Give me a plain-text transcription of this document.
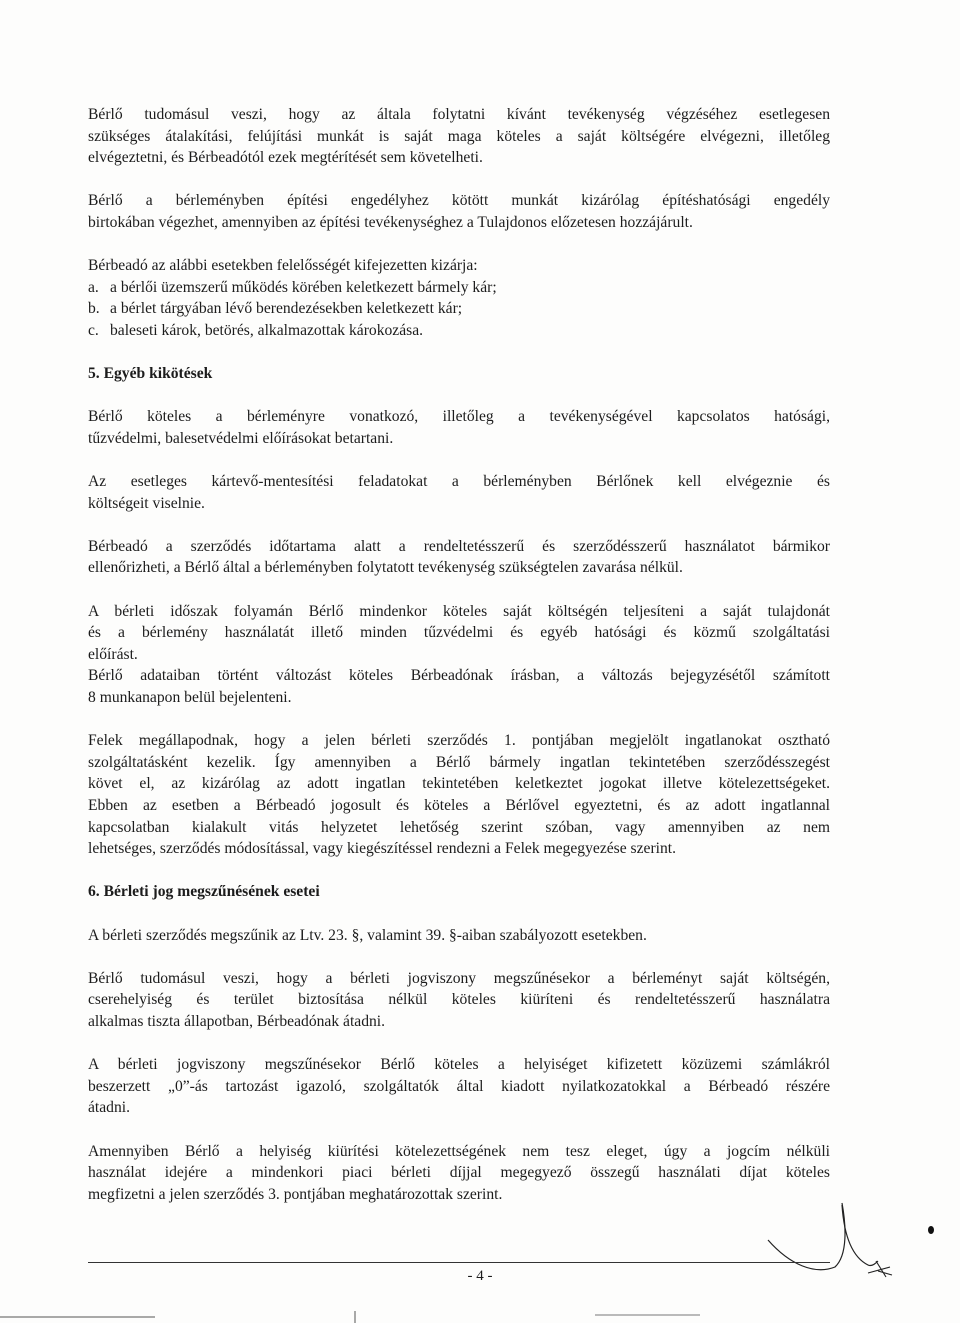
Bérlő tudomásul veszi, hogy az általa folytatni kívánt tevékenység végzéséhez esetlegesen
szükséges átalakítási, felújítási munkát is saját maga köteles a saját költségére elvégezni, illetőleg
elvégeztetni, és Bérbeadótól ezek megtérítését sem követelheti.

Bérlő a bérleményben építési engedélyhez kötött munkát kizárólag építéshatósági engedély
birtokában végezhet, amennyiben az építési tevékenységhez a Tulajdonos előzetesen hozzájárult.

Bérbeadó az alábbi esetekben felelősségét kifejezetten kizárja:
a. a bérlői üzemszerű működés körében keletkezett bármely kár;
b. a bérlet tárgyában lévő berendezésekben keletkezett kár;
c. baleseti károk, betörés, alkalmazottak károkozása.
5. Egyéb kikötések

Bérlő köteles a bérleményre vonatkozó, illetőleg a tevékenységével kapcsolatos hatósági,
tűzvédelmi, balesetvédelmi előírásokat betartani.

Az esetleges kártevő-mentesítési feladatokat a bérleményben Bérlőnek kell elvégeznie és
költségeit viselnie.

Bérbeadó a szerződés időtartama alatt a rendeltetésszerű és szerződésszerű használatot bármikor
ellenőrizheti, a Bérlő által a bérleményben folytatott tevékenység szükségtelen zavarása nélkül.

A bérleti időszak folyamán Bérlő mindenkor köteles saját költségén teljesíteni a saját tulajdonát
és a bérlemény használatát illető minden tűzvédelmi és egyéb hatósági és közmű szolgáltatási
előírást.

Bérlő adataiban történt változást köteles Bérbeadónak írásban, a változás bejegyzésétől számított
8 munkanapon belül bejelenteni.

Felek megállapodnak, hogy a jelen bérleti szerződés 1. pontjában megjelölt ingatlanokat osztható
szolgáltatásként kezelik. Így amennyiben a Bérlő bármely ingatlan tekintetében szerződésszegést
követ el, az kizárólag az adott ingatlan tekintetében keletkeztet jogokat illetve kötelezettségeket.
Ebben az esetben a Bérbeadó jogosult és köteles a Bérlővel egyeztetni, és az adott ingatlannal
kapcsolatban kialakult vitás helyzetet lehetőség szerint szóban, vagy amennyiben az nem
lehetséges, szerződés módosítással, vagy kiegészítéssel rendezni a Felek megegyezése szerint.

6. Bérleti jog megszűnésének esetei

A bérleti szerződés megszűnik az Ltv. 23. §, valamint 39. §-aiban szabályozott esetekben.

Bérlő tudomásul veszi, hogy a bérleti jogviszony megszűnésekor a bérleményt saját költségén,
cserehelyiség és terület biztosítása nélkül köteles kiüríteni és rendeltetésszerű használatra
alkalmas tiszta állapotban, Bérbeadónak átadni.

A bérleti jogviszony megszűnésekor Bérlő köteles a helyiséget kifizetett közüzemi számlákról
beszerzett „0”-ás tartozást igazoló, szolgáltatók által kiadott nyilatkozatokkal a Bérbeadó részére
átadni.

Amennyiben Bérlő a helyiség kiürítési kötelezettségének nem tesz eleget, úgy a jogcím nélküli
használat idejére a mindenkori piaci bérleti díjjal megegyező összegű használati díjat köteles
megfizetni a jelen szerződés 3. pontjában meghatározottak szerint.

- 4 -
